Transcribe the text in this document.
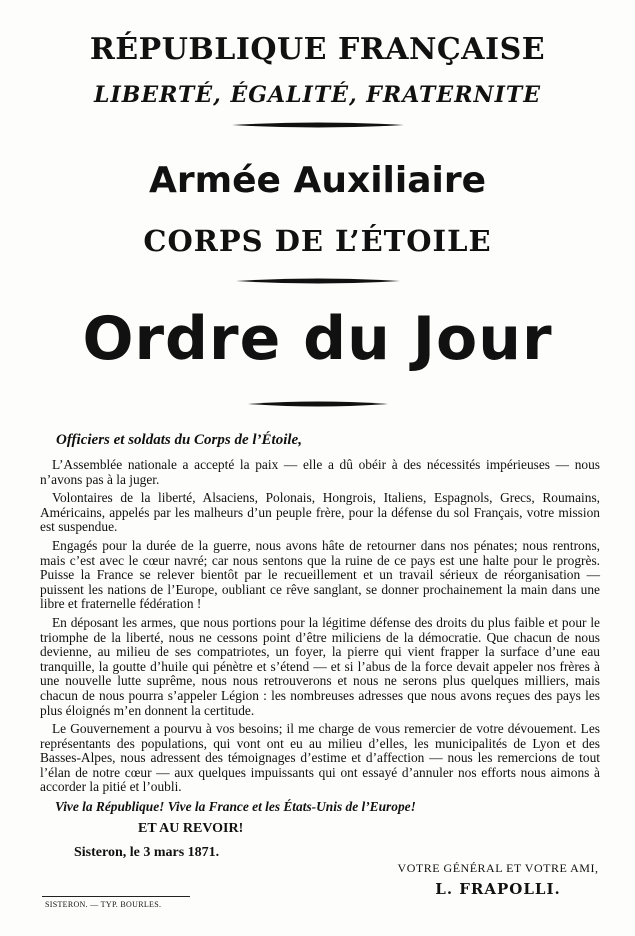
RÉPUBLIQUE FRANÇAISE
LIBERTÉ, ÉGALITÉ, FRATERNITE
Armée Auxiliaire
CORPS DE L’ÉTOILE
Ordre du Jour
Officiers et soldats du Corps de l’Étoile,

L’Assemblée nationale a accepté la paix — elle a dû obéir à des nécessités impérieuses — nous n’avons pas à la juger.

Volontaires de la liberté, Alsaciens, Polonais, Hongrois, Italiens, Espagnols, Grecs, Roumains, Américains, appelés par les malheurs d’un peuple frère, pour la défense du sol Français, votre mission est suspendue.

Engagés pour la durée de la guerre, nous avons hâte de retourner dans nos pénates; nous rentrons, mais c’est avec le cœur navré; car nous sentons que la ruine de ce pays est une halte pour le progrès. Puisse la France se relever bientôt par le recueillement et un travail sérieux de réorganisation — puissent les nations de l’Europe, oubliant ce rêve sanglant, se donner prochainement la main dans une libre et fraternelle fédération !

En déposant les armes, que nous portions pour la légitime défense des droits du plus faible et pour le triomphe de la liberté, nous ne cessons point d’être miliciens de la démocratie. Que chacun de nous devienne, au milieu de ses compatriotes, un foyer, la pierre qui vient frapper la surface d’une eau tranquille, la goutte d’huile qui pénètre et s’étend — et si l’abus de la force devait appeler nos frères à une nouvelle lutte suprême, nous nous retrouverons et nous ne serons plus quelques milliers, mais chacun de nous pourra s’appeler Légion : les nombreuses adresses que nous avons reçues des pays les plus éloignés m’en donnent la certitude.

Le Gouvernement a pourvu à vos besoins; il me charge de vous remercier de votre dévouement. Les représentants des populations, qui vont ont eu au milieu d’elles, les municipalités de Lyon et des Basses-Alpes, nous adressent des témoignages d’estime et d’affection — nous les remercions de tout l’élan de notre cœur — aux quelques impuissants qui ont essayé d’annuler nos efforts nous aimons à accorder la pitié et l’oubli.

Vive la République! Vive la France et les États-Unis de l’Europe!
ET AU REVOIR!
Sisteron, le 3 mars 1871.
VOTRE GÉNÉRAL ET VOTRE AMI,
L. FRAPOLLI.
SISTERON. — TYP. BOURLES.
